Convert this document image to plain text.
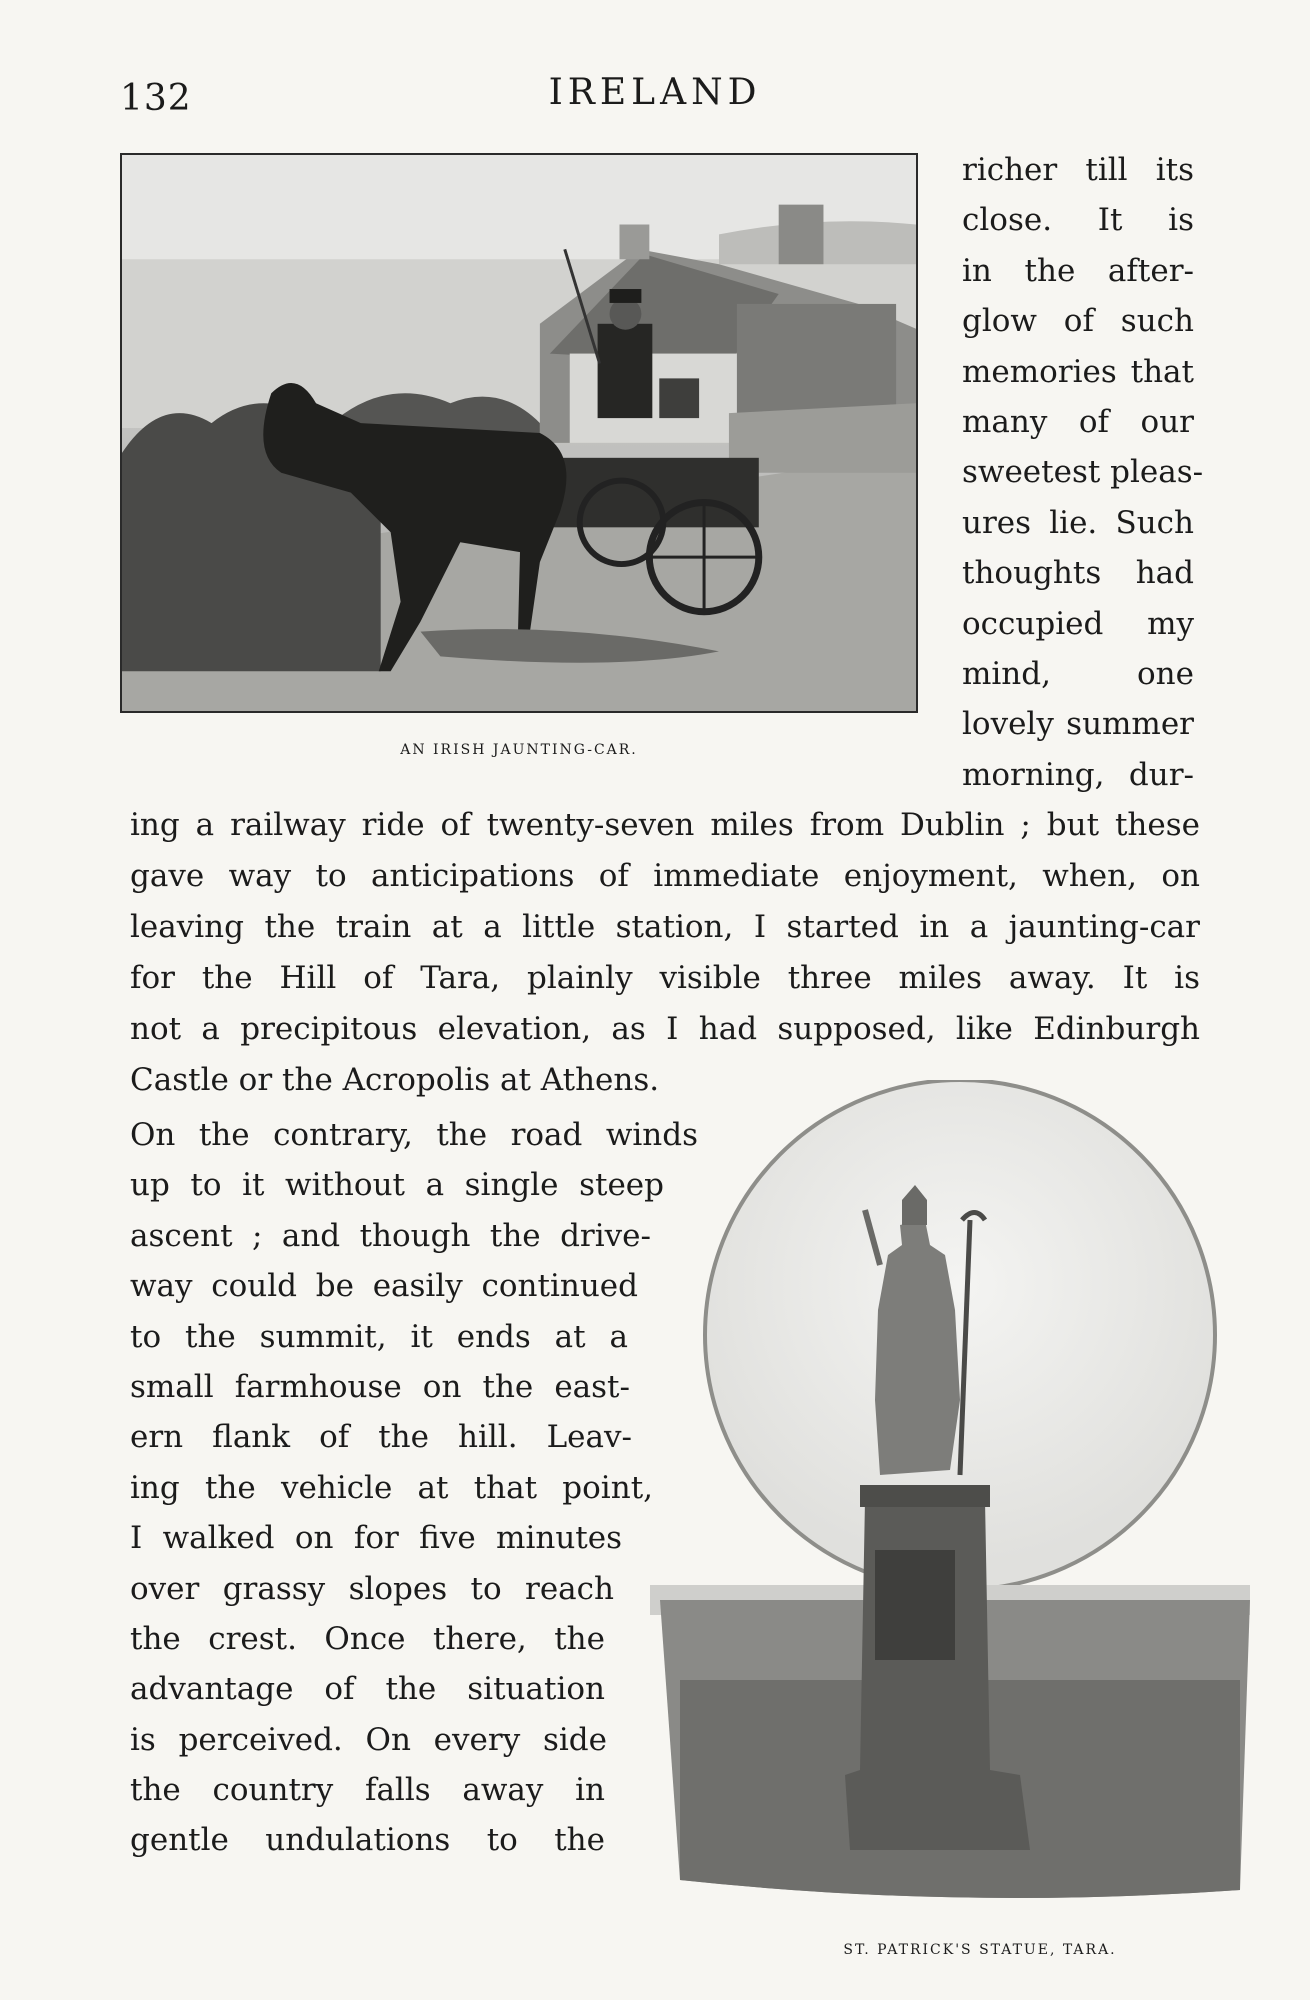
132	IRELAND
AN IRISH JAUNTING-CAR.
richer till its
close. It is
in the after-
glow of such
memories that
many of our
sweetest pleas-
ures lie. Such
thoughts had
occupied my
mind, one
lovely summer
morning, dur-
ing a railway ride of twenty-seven miles from Dublin ; but these
gave way to anticipations of immediate enjoyment, when, on
leaving the train at a little station, I started in a jaunting-car
for the Hill of Tara, plainly visible three miles away. It is
not a precipitous elevation, as I had supposed, like Edinburgh
Castle or the Acropolis at Athens.
ST. PATRICK'S STATUE, TARA.
On the contrary, the road winds
up to it without a single steep
ascent ; and though the drive-
way could be easily continued
to the summit, it ends at a
small farmhouse on the east-
ern flank of the hill. Leav-
ing the vehicle at that point,
I walked on for five minutes
over grassy slopes to reach
the crest. Once there, the
advantage of the situation
is perceived. On every side
the country falls away in
gentle undulations to the
